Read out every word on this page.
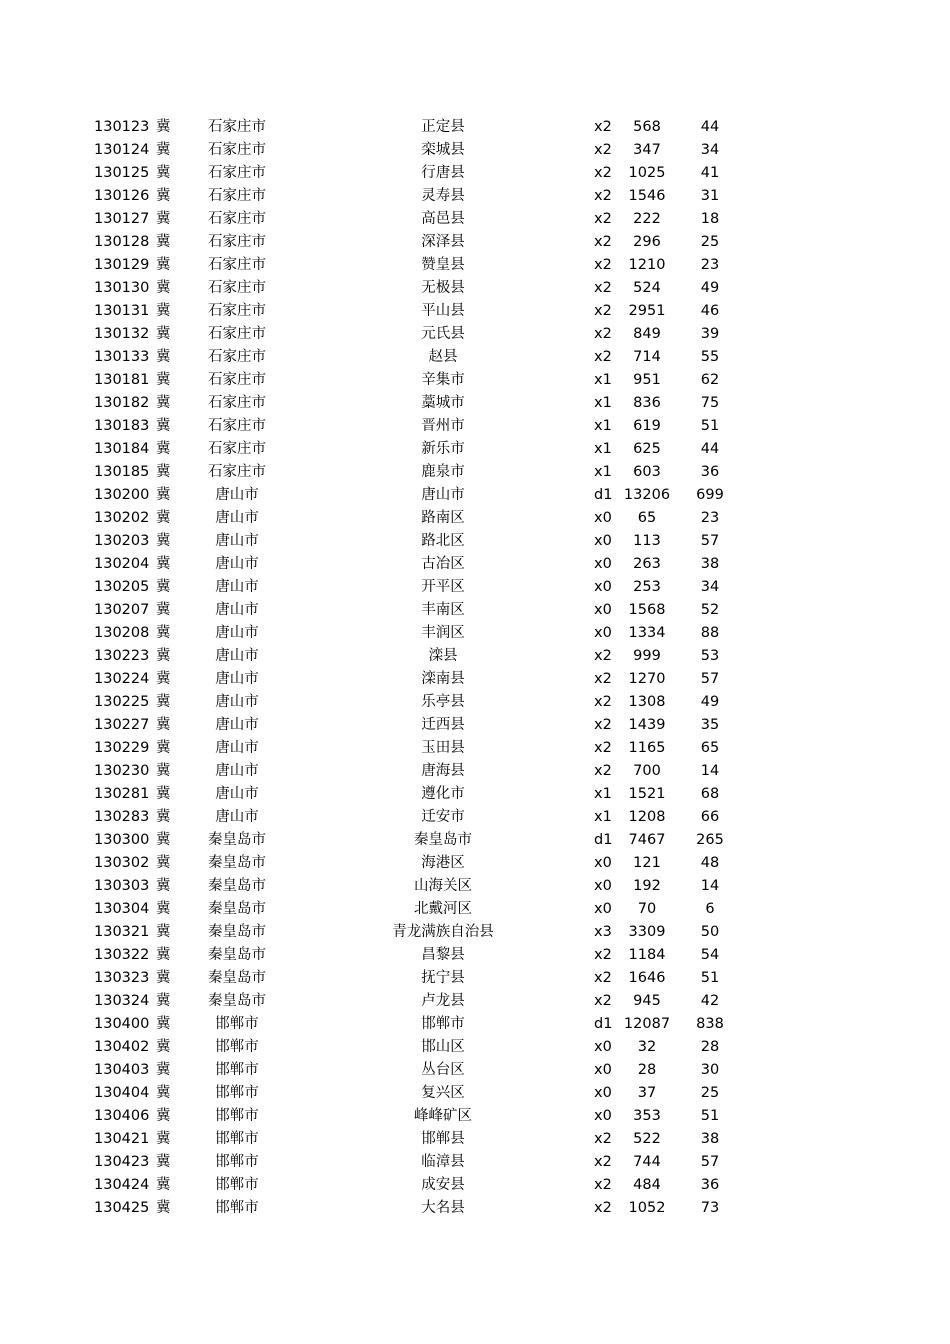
130123 冀	石家庄市	正定县	x2	568	44
130124 冀	石家庄市	栾城县	x2	347	34
130125 冀	石家庄市	行唐县	x2	1025	41
130126 冀	石家庄市	灵寿县	x2	1546	31
130127 冀	石家庄市	高邑县	x2	222	18
130128 冀	石家庄市	深泽县	x2	296	25
130129 冀	石家庄市	赞皇县	x2	1210	23
130130 冀	石家庄市	无极县	x2	524	49
130131 冀	石家庄市	平山县	x2	2951	46
130132 冀	石家庄市	元氏县	x2	849	39
130133 冀	石家庄市	赵县	x2	714	55
130181 冀	石家庄市	辛集市	x1	951	62
130182 冀	石家庄市	藁城市	x1	836	75
130183 冀	石家庄市	晋州市	x1	619	51
130184 冀	石家庄市	新乐市	x1	625	44
130185 冀	石家庄市	鹿泉市	x1	603	36
130200 冀	唐山市	唐山市	d1 13206	699
130202 冀	唐山市	路南区	x0	65	23
130203 冀	唐山市	路北区	x0	113	57
130204 冀	唐山市	古冶区	x0	263	38
130205 冀	唐山市	开平区	x0	253	34
130207 冀	唐山市	丰南区	x0	1568	52
130208 冀	唐山市	丰润区	x0	1334	88
130223 冀	唐山市	滦县	x2	999	53
130224 冀	唐山市	滦南县	x2	1270	57
130225 冀	唐山市	乐亭县	x2	1308	49
130227 冀	唐山市	迁西县	x2	1439	35
130229 冀	唐山市	玉田县	x2	1165	65
130230 冀	唐山市	唐海县	x2	700	14
130281 冀	唐山市	遵化市	x1	1521	68
130283 冀	唐山市	迁安市	x1	1208	66
130300 冀	秦皇岛市	秦皇岛市	d1	7467	265
130302 冀	秦皇岛市	海港区	x0	121	48
130303 冀	秦皇岛市	山海关区	x0	192	14
130304 冀	秦皇岛市	北戴河区	x0	70	6
130321 冀	秦皇岛市	青龙满族自治县	x3	3309	50
130322 冀	秦皇岛市	昌黎县	x2	1184	54
130323 冀	秦皇岛市	抚宁县	x2	1646	51
130324 冀	秦皇岛市	卢龙县	x2	945	42
130400 冀	邯郸市	邯郸市	d1 12087	838
130402 冀	邯郸市	邯山区	x0	32	28
130403 冀	邯郸市	丛台区	x0	28	30
130404 冀	邯郸市	复兴区	x0	37	25
130406 冀	邯郸市	峰峰矿区	x0	353	51
130421 冀	邯郸市	邯郸县	x2	522	38
130423 冀	邯郸市	临漳县	x2	744	57
130424 冀	邯郸市	成安县	x2	484	36
130425 冀	邯郸市	大名县	x2	1052	73
